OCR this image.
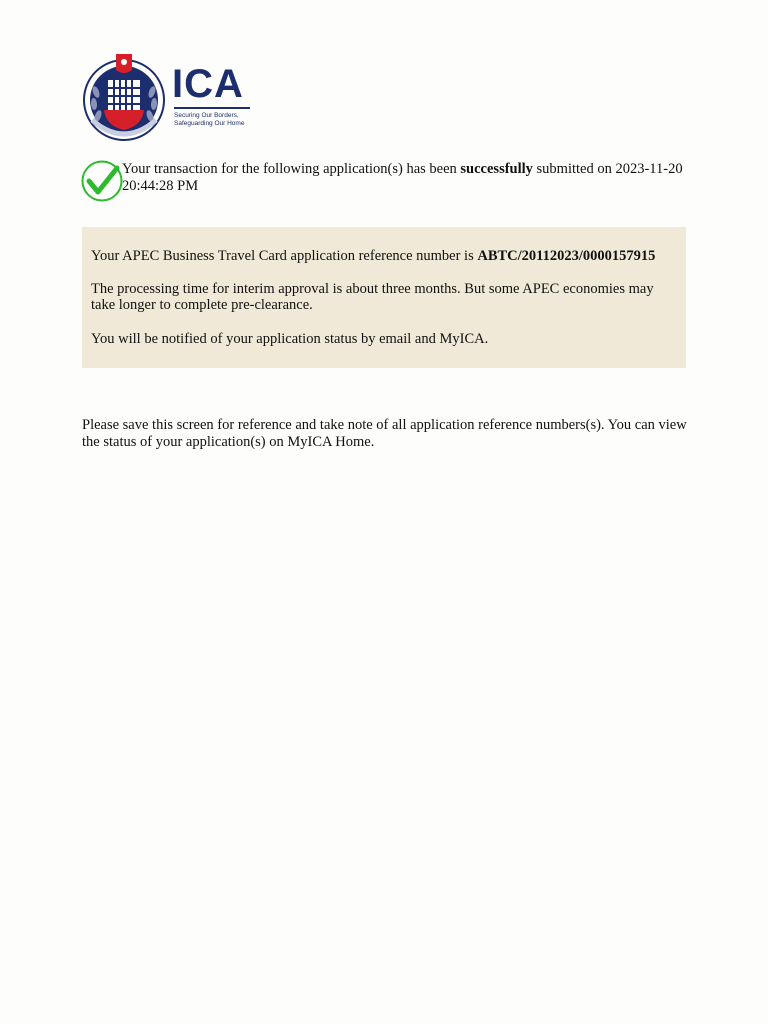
ICA
Securing Our Borders,
Safeguarding Our Home
Your transaction for the following application(s) has been successfully submitted on 2023-11-20 20:44:28 PM

Your APEC Business Travel Card application reference number is ABTC/20112023/0000157915

The processing time for interim approval is about three months. But some APEC economies may take longer to complete pre-clearance.

You will be notified of your application status by email and MyICA.

Please save this screen for reference and take note of all application reference numbers(s). You can view the status of your application(s) on MyICA Home.
